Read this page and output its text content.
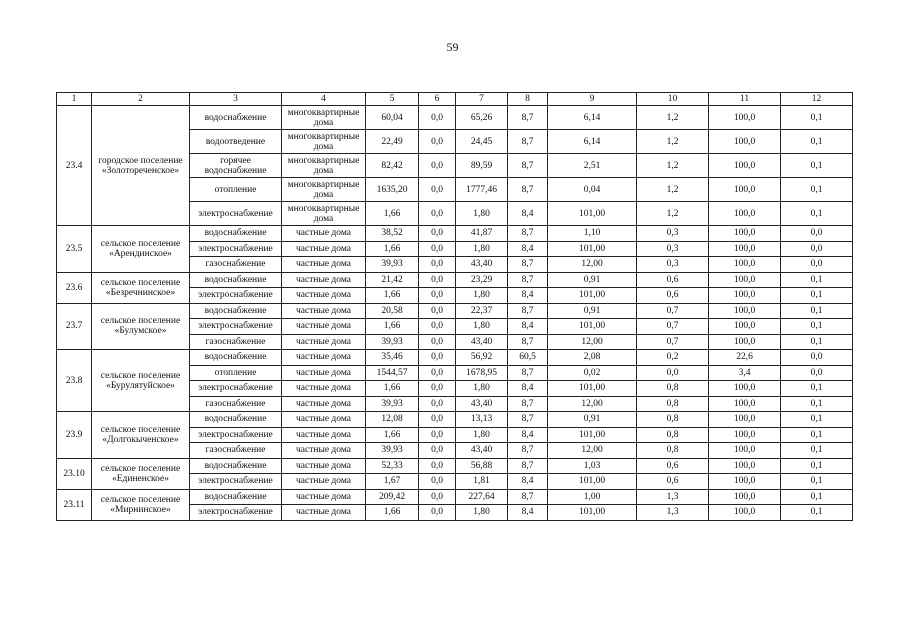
59
1	2	3	4	5	6	7	8	9	10	11	12
23.4	городское поселение «Золотореченское»	водоснабжение	многоквартирные дома	60,04	0,0	65,26	8,7	6,14	1,2	100,0	0,1
		водоотведение	многоквартирные дома	22,49	0,0	24,45	8,7	6,14	1,2	100,0	0,1
		горячее водоснабжение	многоквартирные дома	82,42	0,0	89,59	8,7	2,51	1,2	100,0	0,1
		отопление	многоквартирные дома	1635,20	0,0	1777,46	8,7	0,04	1,2	100,0	0,1
		электроснабжение	многоквартирные дома	1,66	0,0	1,80	8,4	101,00	1,2	100,0	0,1
23.5	сельское поселение «Арендинское»	водоснабжение	частные дома	38,52	0,0	41,87	8,7	1,10	0,3	100,0	0,0
		электроснабжение	частные дома	1,66	0,0	1,80	8,4	101,00	0,3	100,0	0,0
		газоснабжение	частные дома	39,93	0,0	43,40	8,7	12,00	0,3	100,0	0,0
23.6	сельское поселение «Безречнинское»	водоснабжение	частные дома	21,42	0,0	23,29	8,7	0,91	0,6	100,0	0,1
		электроснабжение	частные дома	1,66	0,0	1,80	8,4	101,00	0,6	100,0	0,1
23.7	сельское поселение «Булумское»	водоснабжение	частные дома	20,58	0,0	22,37	8,7	0,91	0,7	100,0	0,1
		электроснабжение	частные дома	1,66	0,0	1,80	8,4	101,00	0,7	100,0	0,1
		газоснабжение	частные дома	39,93	0,0	43,40	8,7	12,00	0,7	100,0	0,1
23.8	сельское поселение «Бурулятуйское»	водоснабжение	частные дома	35,46	0,0	56,92	60,5	2,08	0,2	22,6	0,0
		отопление	частные дома	1544,57	0,0	1678,95	8,7	0,02	0,0	3,4	0,0
		электроснабжение	частные дома	1,66	0,0	1,80	8,4	101,00	0,8	100,0	0,1
		газоснабжение	частные дома	39,93	0,0	43,40	8,7	12,00	0,8	100,0	0,1
23.9	сельское поселение «Долгокыченское»	водоснабжение	частные дома	12,08	0,0	13,13	8,7	0,91	0,8	100,0	0,1
		электроснабжение	частные дома	1,66	0,0	1,80	8,4	101,00	0,8	100,0	0,1
		газоснабжение	частные дома	39,93	0,0	43,40	8,7	12,00	0,8	100,0	0,1
23.10	сельское поселение «Единенское»	водоснабжение	частные дома	52,33	0,0	56,88	8,7	1,03	0,6	100,0	0,1
		электроснабжение	частные дома	1,67	0,0	1,81	8,4	101,00	0,6	100,0	0,1
23.11	сельское поселение «Мирнинское»	водоснабжение	частные дома	209,42	0,0	227,64	8,7	1,00	1,3	100,0	0,1
		электроснабжение	частные дома	1,66	0,0	1,80	8,4	101,00	1,3	100,0	0,1
